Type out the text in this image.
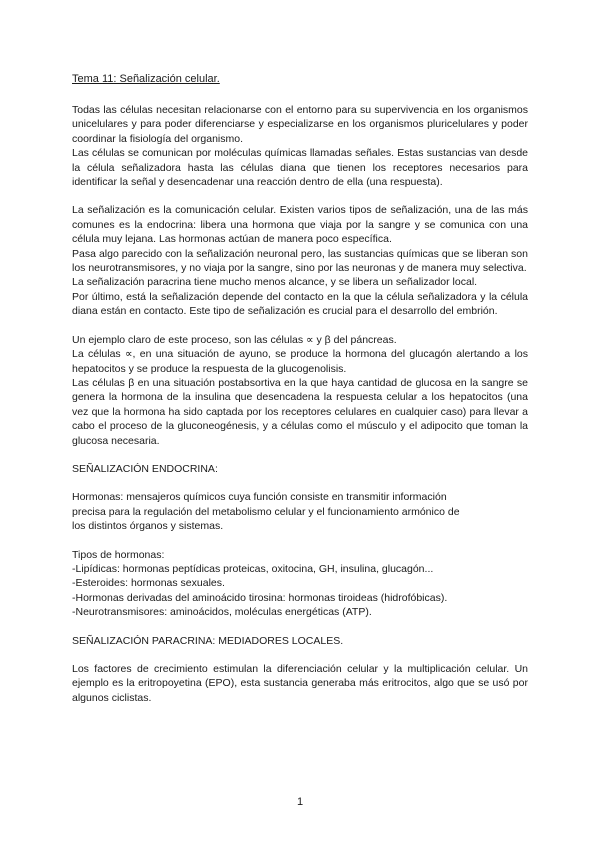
Tema 11: Señalización celular.

Todas las células necesitan relacionarse con el entorno para su supervivencia en los organismos unicelulares y para poder diferenciarse y especializarse en los organismos pluricelulares y poder coordinar la fisiología del organismo.

Las células se comunican por moléculas químicas llamadas señales. Estas sustancias van desde la célula señalizadora hasta las células diana que tienen los receptores necesarios para identificar la señal y desencadenar una reacción dentro de ella (una respuesta).

La señalización es la comunicación celular. Existen varios tipos de señalización, una de las más comunes es la endocrina: libera una hormona que viaja por la sangre y se comunica con una célula muy lejana. Las hormonas actúan de manera poco específica.

Pasa algo parecido con la señalización neuronal pero, las sustancias químicas que se liberan son los neurotransmisores, y no viaja por la sangre, sino por las neuronas y de manera muy selectiva.

La señalización paracrina tiene mucho menos alcance, y se libera un señalizador local.

Por último, está la señalización depende del contacto en la que la célula señalizadora y la célula diana están en contacto. Este tipo de señalización es crucial para el desarrollo del embrión.

Un ejemplo claro de este proceso, son las células ∝ y β del páncreas.

La células ∝, en una situación de ayuno, se produce la hormona del glucagón alertando a los hepatocitos y se produce la respuesta de la glucogenolisis.

Las células β en una situación postabsortiva en la que haya cantidad de glucosa en la sangre se genera la hormona de la insulina que desencadena la respuesta celular a los hepatocitos (una vez que la hormona ha sido captada por los receptores celulares en cualquier caso) para llevar a cabo el proceso de la gluconeogénesis, y a células como el músculo y el adipocito que toman la glucosa necesaria.

SEÑALIZACIÓN ENDOCRINA:

Hormonas: mensajeros químicos cuya función consiste en transmitir información

precisa para la regulación del metabolismo celular y el funcionamiento armónico de

los distintos órganos y sistemas.

Tipos de hormonas:

-Lipídicas: hormonas peptídicas proteicas, oxitocina, GH, insulina, glucagón...

-Esteroides: hormonas sexuales.

-Hormonas derivadas del aminoácido tirosina: hormonas tiroideas (hidrofóbicas).

-Neurotransmisores: aminoácidos, moléculas energéticas (ATP).

SEÑALIZACIÓN PARACRINA: MEDIADORES LOCALES.

Los factores de crecimiento estimulan la diferenciación celular y la multiplicación celular. Un ejemplo es la eritropoyetina (EPO), esta sustancia generaba más eritrocitos, algo que se usó por algunos ciclistas.

1
